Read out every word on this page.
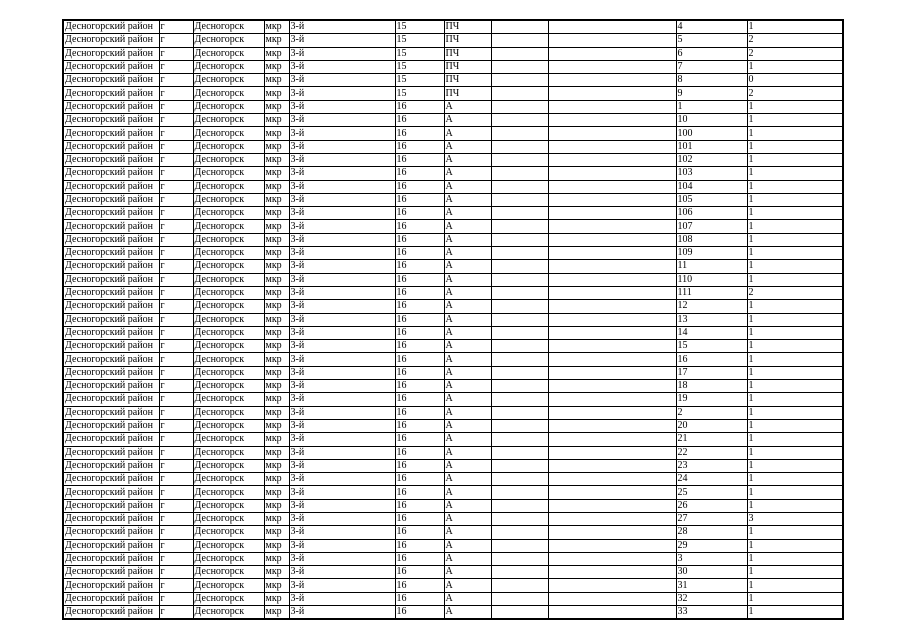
Десногорский район	г	Десногорск	мкр	3-й	15	ПЧ			4	1
Десногорский район	г	Десногорск	мкр	3-й	15	ПЧ			5	2
Десногорский район	г	Десногорск	мкр	3-й	15	ПЧ			6	2
Десногорский район	г	Десногорск	мкр	3-й	15	ПЧ			7	1
Десногорский район	г	Десногорск	мкр	3-й	15	ПЧ			8	0
Десногорский район	г	Десногорск	мкр	3-й	15	ПЧ			9	2
Десногорский район	г	Десногорск	мкр	3-й	16	А			1	1
Десногорский район	г	Десногорск	мкр	3-й	16	А			10	1
Десногорский район	г	Десногорск	мкр	3-й	16	А			100	1
Десногорский район	г	Десногорск	мкр	3-й	16	А			101	1
Десногорский район	г	Десногорск	мкр	3-й	16	А			102	1
Десногорский район	г	Десногорск	мкр	3-й	16	А			103	1
Десногорский район	г	Десногорск	мкр	3-й	16	А			104	1
Десногорский район	г	Десногорск	мкр	3-й	16	А			105	1
Десногорский район	г	Десногорск	мкр	3-й	16	А			106	1
Десногорский район	г	Десногорск	мкр	3-й	16	А			107	1
Десногорский район	г	Десногорск	мкр	3-й	16	А			108	1
Десногорский район	г	Десногорск	мкр	3-й	16	А			109	1
Десногорский район	г	Десногорск	мкр	3-й	16	А			11	1
Десногорский район	г	Десногорск	мкр	3-й	16	А			110	1
Десногорский район	г	Десногорск	мкр	3-й	16	А			111	2
Десногорский район	г	Десногорск	мкр	3-й	16	А			12	1
Десногорский район	г	Десногорск	мкр	3-й	16	А			13	1
Десногорский район	г	Десногорск	мкр	3-й	16	А			14	1
Десногорский район	г	Десногорск	мкр	3-й	16	А			15	1
Десногорский район	г	Десногорск	мкр	3-й	16	А			16	1
Десногорский район	г	Десногорск	мкр	3-й	16	А			17	1
Десногорский район	г	Десногорск	мкр	3-й	16	А			18	1
Десногорский район	г	Десногорск	мкр	3-й	16	А			19	1
Десногорский район	г	Десногорск	мкр	3-й	16	А			2	1
Десногорский район	г	Десногорск	мкр	3-й	16	А			20	1
Десногорский район	г	Десногорск	мкр	3-й	16	А			21	1
Десногорский район	г	Десногорск	мкр	3-й	16	А			22	1
Десногорский район	г	Десногорск	мкр	3-й	16	А			23	1
Десногорский район	г	Десногорск	мкр	3-й	16	А			24	1
Десногорский район	г	Десногорск	мкр	3-й	16	А			25	1
Десногорский район	г	Десногорск	мкр	3-й	16	А			26	1
Десногорский район	г	Десногорск	мкр	3-й	16	А			27	3
Десногорский район	г	Десногорск	мкр	3-й	16	А			28	1
Десногорский район	г	Десногорск	мкр	3-й	16	А			29	1
Десногорский район	г	Десногорск	мкр	3-й	16	А			3	1
Десногорский район	г	Десногорск	мкр	3-й	16	А			30	1
Десногорский район	г	Десногорск	мкр	3-й	16	А			31	1
Десногорский район	г	Десногорск	мкр	3-й	16	А			32	1
Десногорский район	г	Десногорск	мкр	3-й	16	А			33	1
